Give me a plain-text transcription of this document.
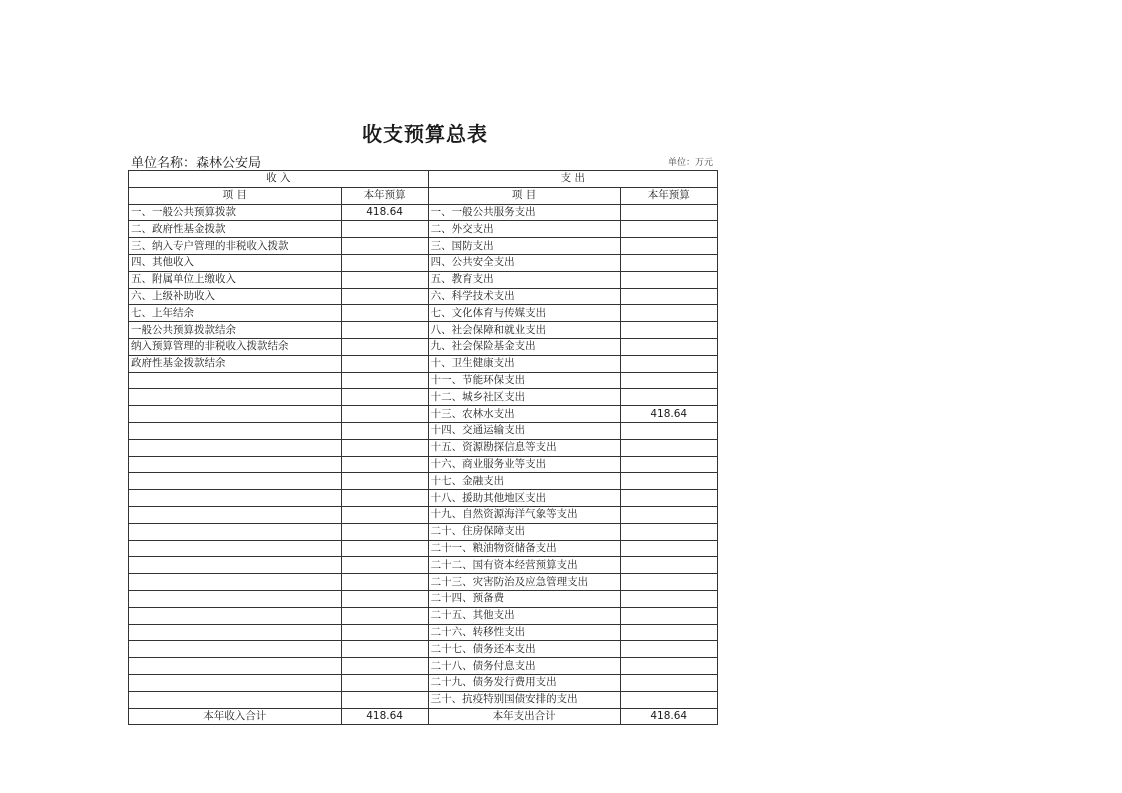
收支预算总表
单位名称：森林公安局	单位：万元
收 入		支 出	
项 目	本年预算	项 目	本年预算
一、一般公共预算拨款	418.64	一、一般公共服务支出	
二、政府性基金拨款		二、外交支出	
三、纳入专户管理的非税收入拨款		三、国防支出	
四、其他收入		四、公共安全支出	
五、附属单位上缴收入		五、教育支出	
六、上级补助收入		六、科学技术支出	
七、上年结余		七、文化体育与传媒支出	
一般公共预算拨款结余		八、社会保障和就业支出	
纳入预算管理的非税收入拨款结余		九、社会保险基金支出	
政府性基金拨款结余		十、卫生健康支出	
		十一、节能环保支出	
		十二、城乡社区支出	
		十三、农林水支出	418.64
		十四、交通运输支出	
		十五、资源勘探信息等支出	
		十六、商业服务业等支出	
		十七、金融支出	
		十八、援助其他地区支出	
		十九、自然资源海洋气象等支出	
		二十、住房保障支出	
		二十一、粮油物资储备支出	
		二十二、国有资本经营预算支出	
		二十三、灾害防治及应急管理支出	
		二十四、预备费	
		二十五、其他支出	
		二十六、转移性支出	
		二十七、债务还本支出	
		二十八、债务付息支出	
		二十九、债务发行费用支出	
		三十、抗疫特别国债安排的支出	
本年收入合计	418.64	本年支出合计	418.64
